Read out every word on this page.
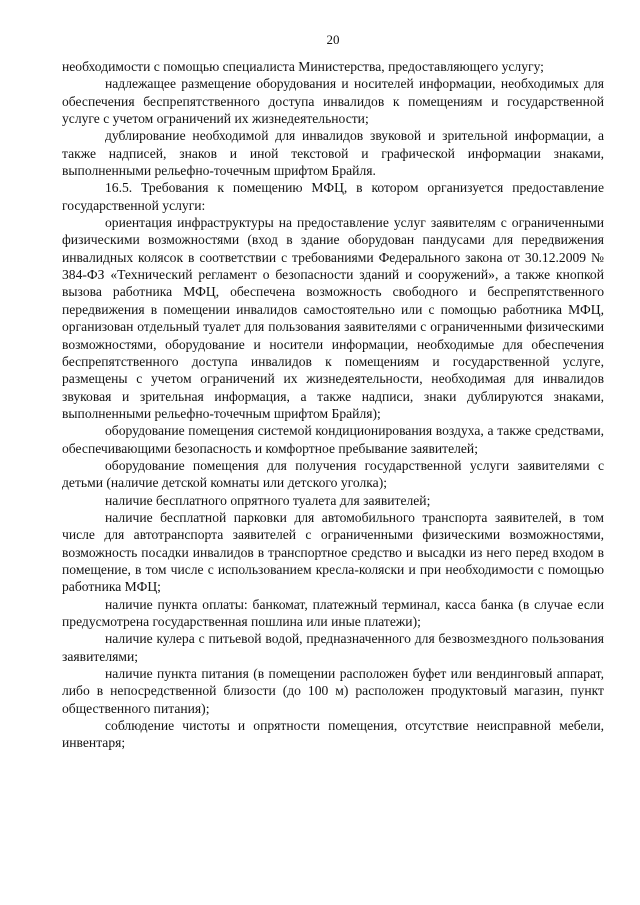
20

необходимости с помощью специалиста Министерства, предоставляющего услугу;

надлежащее размещение оборудования и носителей информации, необходимых для обеспечения беспрепятственного доступа инвалидов к помещениям и государственной услуге с учетом ограничений их жизнедеятельности;

дублирование необходимой для инвалидов звуковой и зрительной информации, а также надписей, знаков и иной текстовой и графической информации знаками, выполненными рельефно-точечным шрифтом Брайля.

16.5. Требования к помещению МФЦ, в котором организуется предоставление государственной услуги:

ориентация инфраструктуры на предоставление услуг заявителям с ограниченными физическими возможностями (вход в здание оборудован пандусами для передвижения инвалидных колясок в соответствии с требованиями Федерального закона от 30.12.2009 № 384-ФЗ «Технический регламент о безопасности зданий и сооружений», а также кнопкой вызова работника МФЦ, обеспечена возможность свободного и беспрепятственного передвижения в помещении инвалидов самостоятельно или с помощью работника МФЦ, организован отдельный туалет для пользования заявителями с ограниченными физическими возможностями, оборудование и носители информации, необходимые для обеспечения беспрепятственного доступа инвалидов к помещениям и государственной услуге, размещены с учетом ограничений их жизнедеятельности, необходимая для инвалидов звуковая и зрительная информация, а также надписи, знаки дублируются знаками, выполненными рельефно-точечным шрифтом Брайля);

оборудование помещения системой кондиционирования воздуха, а также средствами, обеспечивающими безопасность и комфортное пребывание заявителей;

оборудование помещения для получения государственной услуги заявителями с детьми (наличие детской комнаты или детского уголка);

наличие бесплатного опрятного туалета для заявителей;

наличие бесплатной парковки для автомобильного транспорта заявителей, в том числе для автотранспорта заявителей с ограниченными физическими возможностями, возможность посадки инвалидов в транспортное средство и высадки из него перед входом в помещение, в том числе с использованием кресла-коляски и при необходимости с помощью работника МФЦ;

наличие пункта оплаты: банкомат, платежный терминал, касса банка (в случае если предусмотрена государственная пошлина или иные платежи);

наличие кулера с питьевой водой, предназначенного для безвозмездного пользования заявителями;

наличие пункта питания (в помещении расположен буфет или вендинговый аппарат, либо в непосредственной близости (до 100 м) расположен продуктовый магазин, пункт общественного питания);

соблюдение чистоты и опрятности помещения, отсутствие неисправной мебели, инвентаря;
